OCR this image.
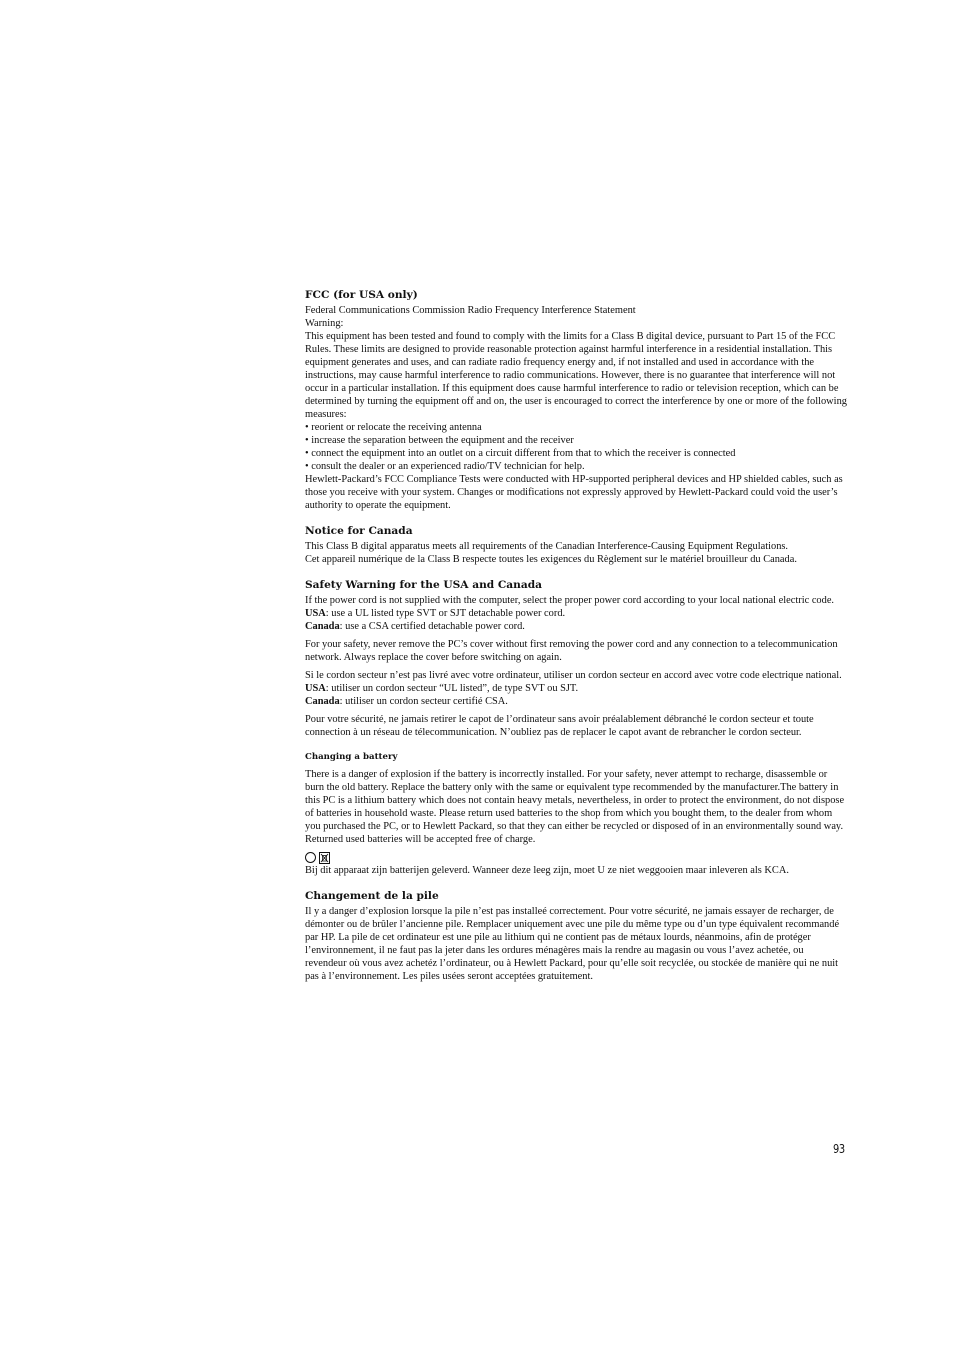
FCC (for USA only)

Federal Communications Commission Radio Frequency Interference Statement

Warning:

This equipment has been tested and found to comply with the limits for a Class B digital device, pursuant to Part 15 of the FCC Rules. These limits are designed to provide reasonable protection against harmful interference in a residential installation. This equipment generates and uses, and can radiate radio frequency energy and, if not installed and used in accordance with the instructions, may cause harmful interference to radio communications. However, there is no guarantee that interference will not occur in a particular installation. If this equipment does cause harmful interference to radio or television reception, which can be determined by turning the equipment off and on, the user is encouraged to correct the interference by one or more of the following measures:

• reorient or relocate the receiving antenna
• increase the separation between the equipment and the receiver
• connect the equipment into an outlet on a circuit different from that to which the receiver is connected
• consult the dealer or an experienced radio/TV technician for help.

Hewlett-Packard’s FCC Compliance Tests were conducted with HP-supported peripheral devices and HP shielded cables, such as those you receive with your system. Changes or modifications not expressly approved by Hewlett-Packard could void the user’s authority to operate the equipment.

Notice for Canada

This Class B digital apparatus meets all requirements of the Canadian Interference-Causing Equipment Regulations.

Cet appareil numérique de la Class B respecte toutes les exigences du Règlement sur le matériel brouilleur du Canada.

Safety Warning for the USA and Canada

If the power cord is not supplied with the computer, select the proper power cord according to your local national electric code.

USA: use a UL listed type SVT or SJT detachable power cord.

Canada: use a CSA certified detachable power cord.

For your safety, never remove the PC’s cover without first removing the power cord and any connection to a telecommunication network. Always replace the cover before switching on again.

Si le cordon secteur n’est pas livré avec votre ordinateur, utiliser un cordon secteur en accord avec votre code electrique national.

USA: utiliser un cordon secteur “UL listed”, de type SVT ou SJT.

Canada: utiliser un cordon secteur certifié CSA.

Pour votre sécurité, ne jamais retirer le capot de l’ordinateur sans avoir préalablement débranché le cordon secteur et toute connection à un réseau de télecommunication. N’oubliez pas de replacer le capot avant de rebrancher le cordon secteur.

Changing a battery

There is a danger of explosion if the battery is incorrectly installed. For your safety, never attempt to recharge, disassemble or burn the old battery. Replace the battery only with the same or equivalent type recommended by the manufacturer.The battery in this PC is a lithium battery which does not contain heavy metals, nevertheless, in order to protect the environment, do not dispose of batteries in household waste. Please return used batteries to the shop from which you bought them, to the dealer from whom you purchased the PC, or to Hewlett Packard, so that they can either be recycled or disposed of in an environmentally sound way. Returned used batteries will be accepted free of charge.

Bij dit apparaat zijn batterijen geleverd. Wanneer deze leeg zijn, moet U ze niet weggooien maar inleveren als KCA.

Changement de la pile

Il y a danger d’explosion lorsque la pile n’est pas installeé correctement. Pour votre sécurité, ne jamais essayer de recharger, de démonter ou de brûler l’ancienne pile. Remplacer uniquement avec une pile du même type ou d’un type équivalent recommandé par HP. La pile de cet ordinateur est une pile au lithium qui ne contient pas de métaux lourds, néanmoins, afin de protéger l’environnement, il ne faut pas la jeter dans les ordures ménagères mais la rendre au magasin ou vous l’avez achetée, ou revendeur où vous avez achetéz l’ordinateur, ou à Hewlett Packard, pour qu’elle soit recyclée, ou stockée de manière qui ne nuit pas à l’environnement. Les piles usées seront acceptées gratuitement.

93
